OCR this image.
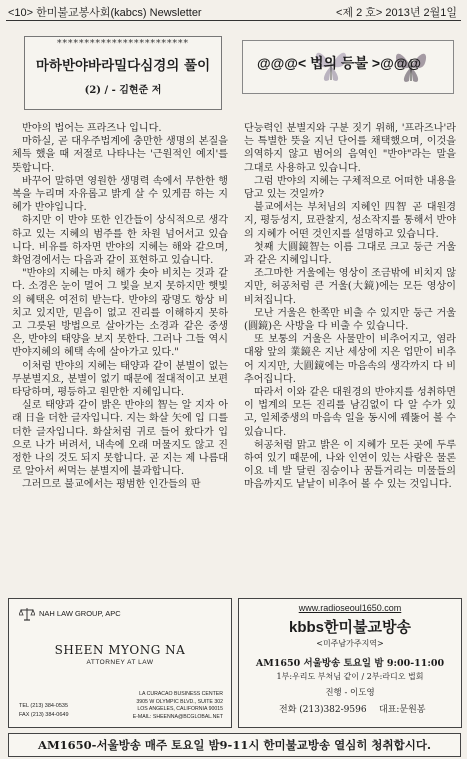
<10> 한미불교봉사회(kabcs) Newsletter	<제 2 호> 2013년 2월1일
************************
마하반야바라밀다심경의 풀이
(2) / - 김현준 저
@@@< 법의 등불 >@@@

반야의 법어는 프라즈나 입니다.

마하실, 곧 대우주법계에 충만한 생명의 본질을 체득 했을 때 저절로 나타나는 '근원적인 예지'를 뜻합니다.

바꾸어 말하면 영원한 생명력 속에서 무한한 행복을 누리며 자유롭고 밝게 살 수 있게끔 하는 지혜가 반야입니다.

하지만 이 반야 또한 인간들이 상식적으로 생각하고 있는 지혜의 범주를 한 차원 넘어서고 있습니다. 비유를 하자면 반야의 지혜는 해와 같으며, 화엄경에서는 다음과 같이 표현하고 있습니다.

"반야의 지혜는 마치 해가 솟아 비치는 것과 같다. 소경은 눈이 멀어 그 빛을 보지 못하지만 햇빛의 혜택은 여전히 받는다. 반야의 광명도 항상 비치고 있지만, 믿음이 없고 진리를 이해하지 못하고 그릇된 방법으로 살아가는 소경과 같은 중생은, 반야의 태양을 보지 못한다. 그러나 그들 역시 반야지혜의 혜택 속에 살아가고 있다."

이처럼 반야의 지혜는 태양과 같이 분별이 없는 무분별지요, 분별이 없기 때문에 절대적이고 보편타당하며, 평등하고 원만한 지혜입니다.

실로 태양과 같이 밝은 반야의 智는 알 지자 아래 日을 더한 글자입니다. 지는 화살 矢에 입 口를 더한 글자입니다. 화살처럼 귀로 들어 왔다가 입으로 나가 버려서, 내속에 오래 머물지도 않고 진정한 나의 것도 되지 못합니다. 곧 지는 제 나름대로 알아서 써먹는 분별지에 불과합니다.

그러므로 불교에서는 평범한 인간들의 판

단능력인 분별지와 구분 짓기 위해, '프라즈나'라는 특별한 뜻을 지닌 단어를 채택했으며, 이것을 의역하지 않고 범어의 음역인 "반야"라는 말을 그대로 사용하고 있습니다.

그럼 반야의 지혜는 구체적으로 어떠한 내용을 담고 있는 것일까?

불교에서는 부처님의 지혜인 四智 곧 대원경지, 평등성지, 묘관찰지, 성소작지를 통해서 반야의 지혜가 어떤 것인지를 설명하고 있습니다.

첫째 大圓鏡智는 이름 그대로 크고 둥근 거울과 같은 지혜입니다.

조그마한 거울에는 영상이 조금밖에 비치지 않지만, 허공처럼 큰 거울(大鏡)에는 모든 영상이 비쳐집니다.

모난 거울은 한쪽만 비출 수 있지만 둥근 거울(圓鏡)은 사방을 다 비출 수 있습니다.

또 보통의 거울은 사물만이 비추어지고, 염라대왕 앞의 業鏡은 지난 세상에 지은 업만이 비추어 지지만, 大圓鏡에는 마음속의 생각까지 다 비추어집니다.

따라서 이와 같은 대원경의 반야지를 성취하면 이 법계의 모든 진리를 남김없이 다 알 수가 있고, 일체중생의 마음속 일을 동시에 꿰뚫어 볼 수 있습니다.

허공처럼 맑고 밝은 이 지혜가 모든 곳에 두루 하여 있기 때문에, 나와 인연이 있는 사람은 물론이요 네 발 달린 짐승이나 꿈틀거리는 미물들의 마음까지도 낱낱이 비추어 볼 수 있는 것입니다.

NAH LAW GROUP, APC
SHEEN MYONG NA
ATTORNEY AT LAW
TEL (213) 384-0535
FAX (213) 384-0649
LA CURACAO BUSINESS CENTER
3905 W OLYMPIC BLVD., SUITE 302
LOS ANGELES, CALIFORNIA 90015
E-MAIL: SHEENNA@BCGLOBAL.NET
www.radioseoul1650.com
kbbs한미불교방송
<미주남가주지역>
AM1650 서울방송 토요일 밤 9:00-11:00
1부:우리도 부처님 같이 / 2부:라디오 법회
진행 - 이도영
전화 (213)382-9596 대표:문원봉
AM1650-서울방송 매주 토요일 밤9-11시 한미불교방송 열심히 청취합시다.
